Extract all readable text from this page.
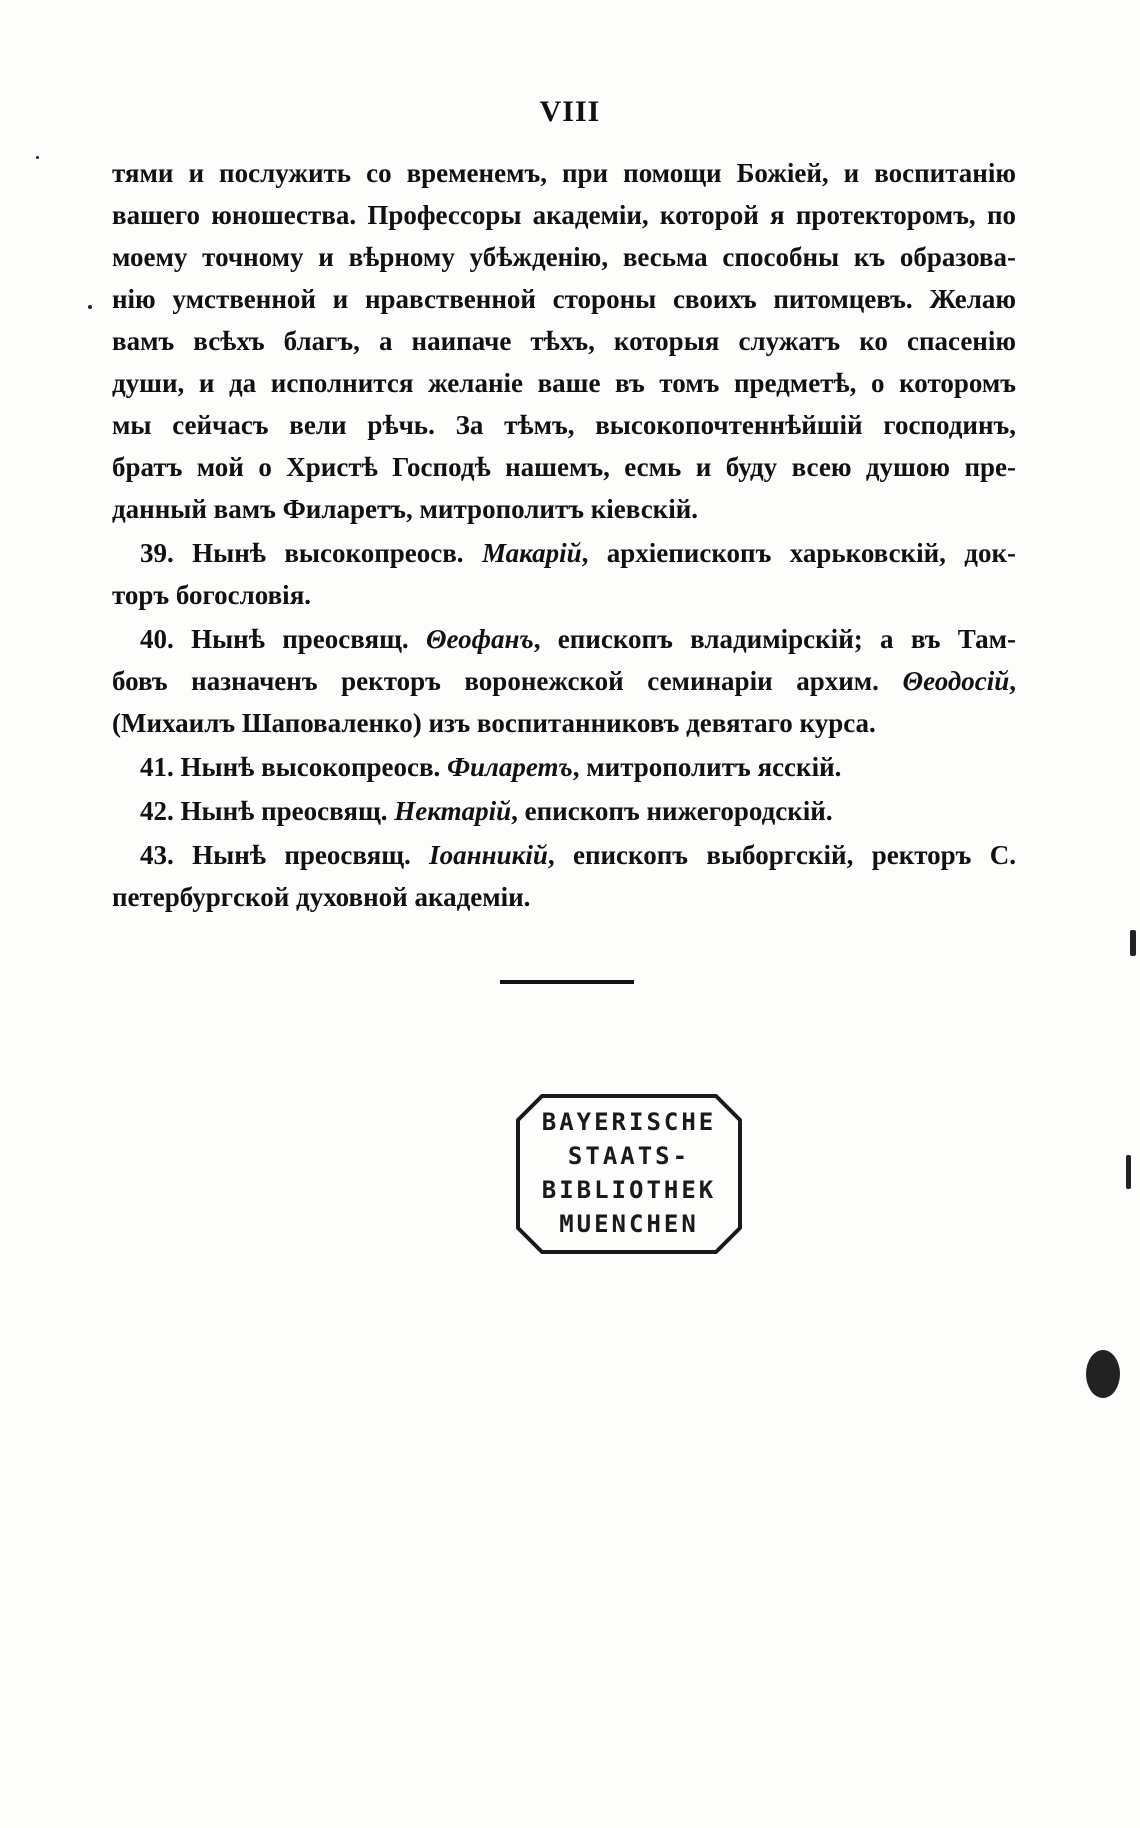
VIII
тями и послужить со временемъ, при помощи Божіей, и воспитанію
вашего юношества. Профессоры академіи, которой я протекторомъ, по
моему точному и вѣрному убѣжденію, весьма способны къ образова-
нію умственной и нравственной стороны своихъ питомцевъ. Желаю
вамъ всѣхъ благъ, а наипаче тѣхъ, которыя служатъ ко спасенію
души, и да исполнится желаніе ваше въ томъ предметѣ, о которомъ
мы сейчасъ вели рѣчь. За тѣмъ, высокопочтеннѣйшій господинъ,
братъ мой о Христѣ Господѣ нашемъ, есмь и буду всею душою пре-
данный вамъ Филаретъ, митрополитъ кіевскій.
39. Нынѣ высокопреосв. Макарій, архіепископъ харьковскій, док-
торъ богословія.
40. Нынѣ преосвящ. Θеофанъ, епископъ владимірскій; а въ Там-
бовъ назначенъ ректоръ воронежской семинаріи архим. Θеодосій,
(Михаилъ Шаповаленко) изъ воспитанниковъ девятаго курса.
41. Нынѣ высокопреосв. Филаретъ, митрополитъ ясскій.
42. Нынѣ преосвящ. Нектарій, епископъ нижегородскій.
43. Нынѣ преосвящ. Іоанникій, епископъ выборгскій, ректоръ С.
петербургской духовной академіи.
BAYERISCHE
STAATS-
BIBLIOTHEK
MUENCHEN
